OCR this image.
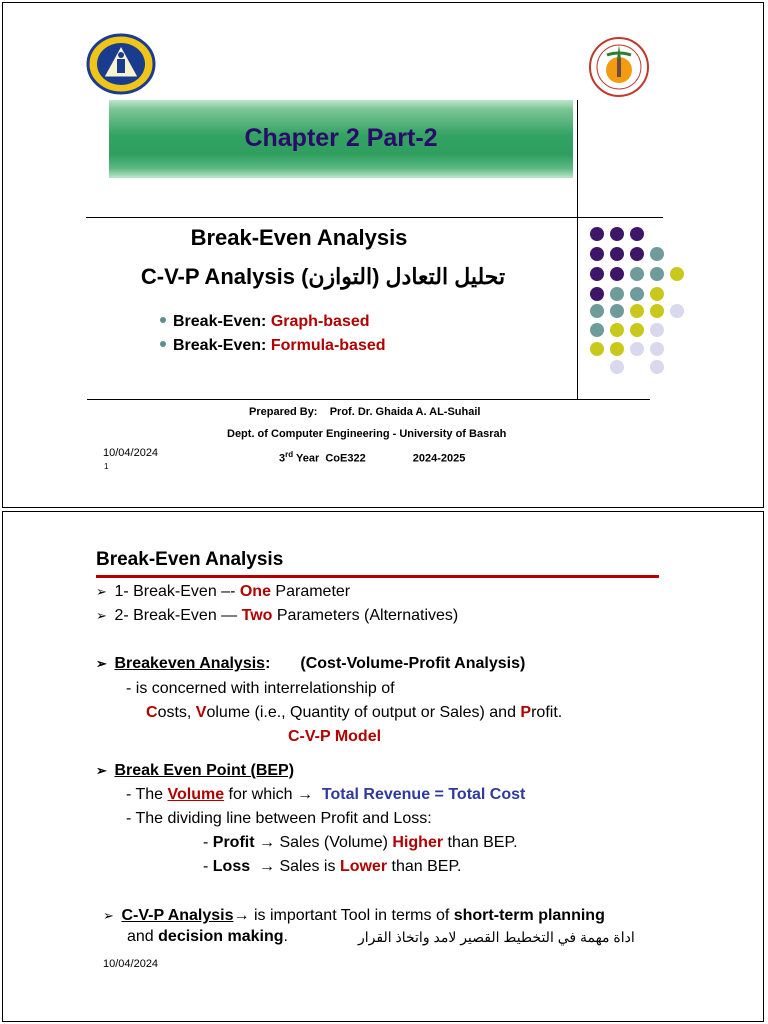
Chapter 2 Part-2
Break-Even Analysis
C-V-P Analysis تحليل التعادل (التوازن)
Break-Even: Graph-based
Break-Even: Formula-based
Prepared By: Prof. Dr. Ghaida A. AL-Suhail
Dept. of Computer Engineering - University of Basrah
3rd Year CoE322	2024-2025
10/04/2024
1
Break-Even Analysis
➢ 1- Break-Even –- One Parameter
➢ 2- Break-Even — Two Parameters (Alternatives)
➢ Breakeven Analysis: (Cost-Volume-Profit Analysis)
- is concerned with interrelationship of
Costs, Volume (i.e., Quantity of output or Sales) and Profit.
C-V-P Model
➢ Break Even Point (BEP)
- The Volume for which → Total Revenue = Total Cost
- The dividing line between Profit and Loss:
- Profit → Sales (Volume) Higher than BEP.
- Loss → Sales is Lower than BEP.
➢ C-V-P Analysis→ is important Tool in terms of short-term planning
and decision making.	اداة مهمة في التخطيط القصير لامد واتخاذ القرار
10/04/2024
